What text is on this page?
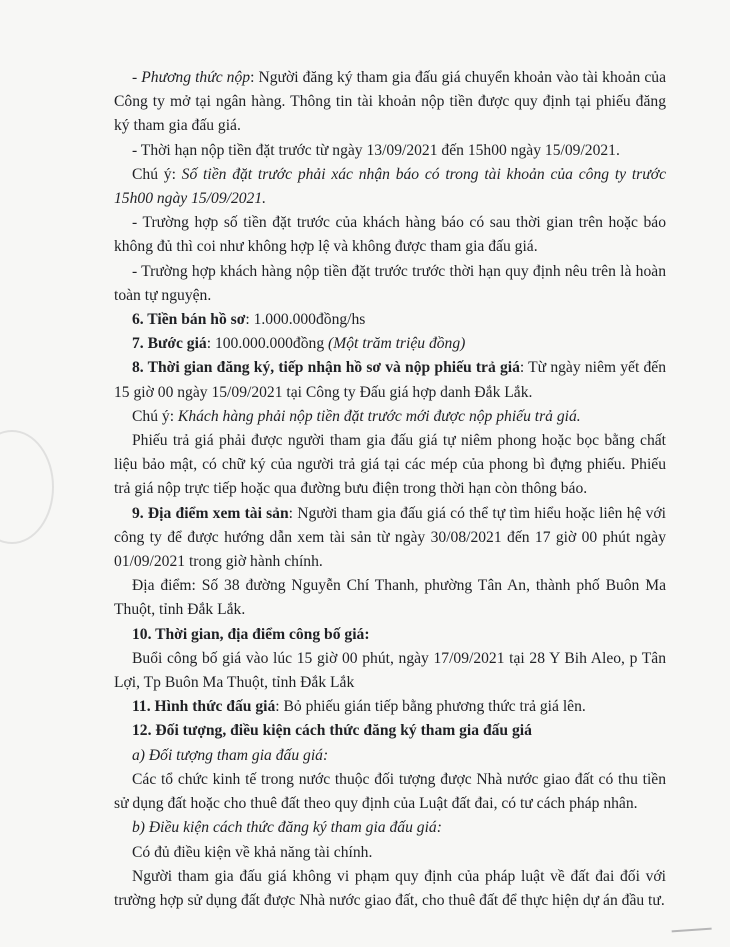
- Phương thức nộp: Người đăng ký tham gia đấu giá chuyển khoản vào tài khoản của Công ty mở tại ngân hàng. Thông tin tài khoản nộp tiền được quy định tại phiếu đăng ký tham gia đấu giá.

- Thời hạn nộp tiền đặt trước từ ngày 13/09/2021 đến 15h00 ngày 15/09/2021.

Chú ý: Số tiền đặt trước phải xác nhận báo có trong tài khoản của công ty trước 15h00 ngày 15/09/2021.

- Trường hợp số tiền đặt trước của khách hàng báo có sau thời gian trên hoặc báo không đủ thì coi như không hợp lệ và không được tham gia đấu giá.

- Trường hợp khách hàng nộp tiền đặt trước trước thời hạn quy định nêu trên là hoàn toàn tự nguyện.

6. Tiền bán hồ sơ: 1.000.000đồng/hs

7. Bước giá: 100.000.000đồng (Một trăm triệu đồng)

8. Thời gian đăng ký, tiếp nhận hồ sơ và nộp phiếu trả giá: Từ ngày niêm yết đến 15 giờ 00 ngày 15/09/2021 tại Công ty Đấu giá hợp danh Đắk Lắk.

Chú ý: Khách hàng phải nộp tiền đặt trước mới được nộp phiếu trả giá.

Phiếu trả giá phải được người tham gia đấu giá tự niêm phong hoặc bọc bằng chất liệu bảo mật, có chữ ký của người trả giá tại các mép của phong bì đựng phiếu. Phiếu trả giá nộp trực tiếp hoặc qua đường bưu điện trong thời hạn còn thông báo.

9. Địa điểm xem tài sản: Người tham gia đấu giá có thể tự tìm hiểu hoặc liên hệ với công ty để được hướng dẫn xem tài sản từ ngày 30/08/2021 đến 17 giờ 00 phút ngày 01/09/2021 trong giờ hành chính.

Địa điểm: Số 38 đường Nguyễn Chí Thanh, phường Tân An, thành phố Buôn Ma Thuột, tỉnh Đắk Lắk.

10. Thời gian, địa điểm công bố giá:

Buổi công bố giá vào lúc 15 giờ 00 phút, ngày 17/09/2021 tại 28 Y Bih Aleo, p Tân Lợi, Tp Buôn Ma Thuột, tỉnh Đắk Lắk

11. Hình thức đấu giá: Bỏ phiếu gián tiếp bằng phương thức trả giá lên.

12. Đối tượng, điều kiện cách thức đăng ký tham gia đấu giá

a) Đối tượng tham gia đấu giá:

Các tổ chức kinh tế trong nước thuộc đối tượng được Nhà nước giao đất có thu tiền sử dụng đất hoặc cho thuê đất theo quy định của Luật đất đai, có tư cách pháp nhân.

b) Điều kiện cách thức đăng ký tham gia đấu giá:

Có đủ điều kiện về khả năng tài chính.

Người tham gia đấu giá không vi phạm quy định của pháp luật về đất đai đối với trường hợp sử dụng đất được Nhà nước giao đất, cho thuê đất để thực hiện dự án đầu tư.
